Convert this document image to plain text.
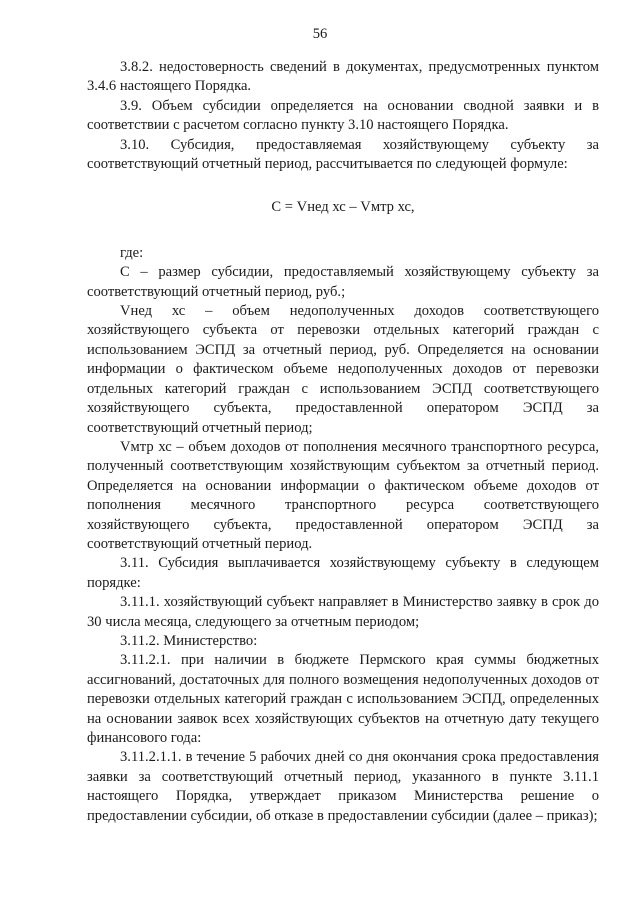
56

3.8.2. недостоверность сведений в документах, предусмотренных пунктом 3.4.6 настоящего Порядка.

3.9. Объем субсидии определяется на основании сводной заявки и в соответствии с расчетом согласно пункту 3.10 настоящего Порядка.

3.10. Субсидия, предоставляемая хозяйствующему субъекту за соответствующий отчетный период, рассчитывается по следующей формуле:

С = Vнед хс – Vмтр хс,

где:

С – размер субсидии, предоставляемый хозяйствующему субъекту за соответствующий отчетный период, руб.;

Vнед хс – объем недополученных доходов соответствующего хозяйствующего субъекта от перевозки отдельных категорий граждан с использованием ЭСПД за отчетный период, руб. Определяется на основании информации о фактическом объеме недополученных доходов от перевозки отдельных категорий граждан с использованием ЭСПД соответствующего хозяйствующего субъекта, предоставленной оператором ЭСПД за соответствующий отчетный период;

Vмтр хс – объем доходов от пополнения месячного транспортного ресурса, полученный соответствующим хозяйствующим субъектом за отчетный период. Определяется на основании информации о фактическом объеме доходов от пополнения месячного транспортного ресурса соответствующего хозяйствующего субъекта, предоставленной оператором ЭСПД за соответствующий отчетный период.

3.11. Субсидия выплачивается хозяйствующему субъекту в следующем порядке:

3.11.1. хозяйствующий субъект направляет в Министерство заявку в срок до 30 числа месяца, следующего за отчетным периодом;

3.11.2. Министерство:

3.11.2.1. при наличии в бюджете Пермского края суммы бюджетных ассигнований, достаточных для полного возмещения недополученных доходов от перевозки отдельных категорий граждан с использованием ЭСПД, определенных на основании заявок всех хозяйствующих субъектов на отчетную дату текущего финансового года:

3.11.2.1.1. в течение 5 рабочих дней со дня окончания срока предоставления заявки за соответствующий отчетный период, указанного в пункте 3.11.1 настоящего Порядка, утверждает приказом Министерства решение о предоставлении субсидии, об отказе в предоставлении субсидии (далее – приказ);
